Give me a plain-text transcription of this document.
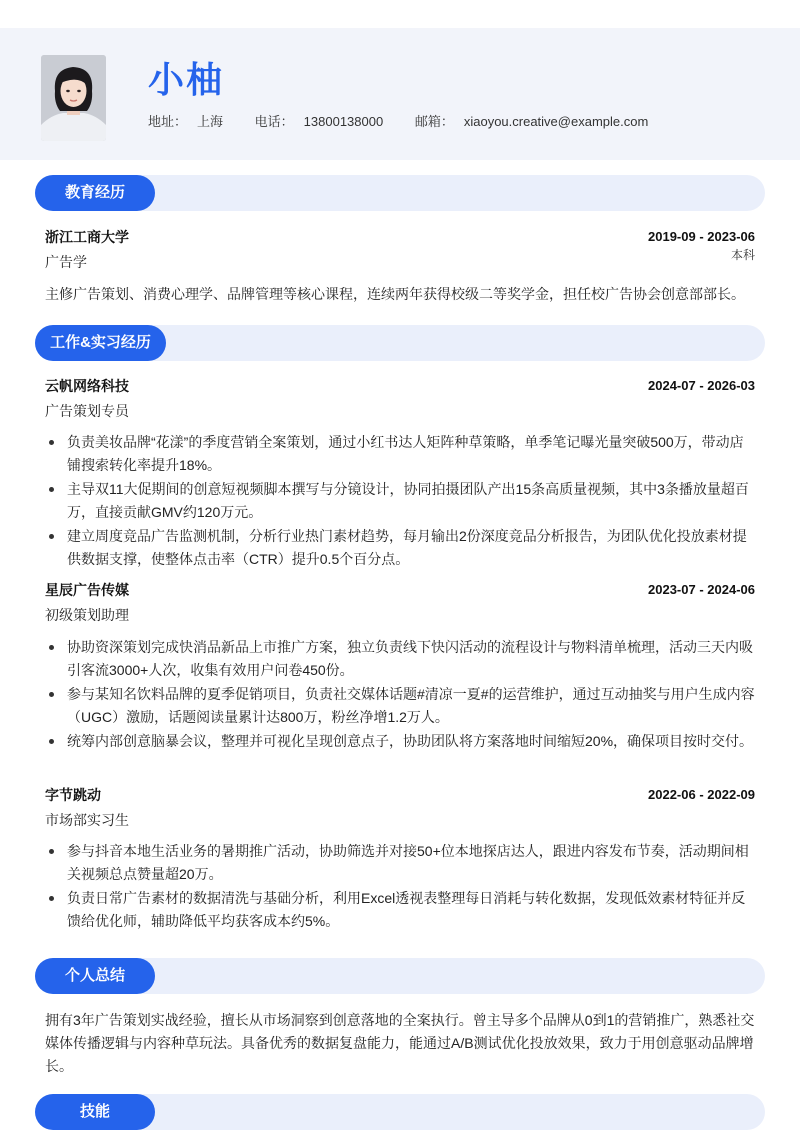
小柚
地址： 上海 电话： 13800138000 邮箱： xiaoyou.creative@example.com
教育经历
浙江工商大学	2019-09 - 2023-06
广告学	本科
主修广告策划、消费心理学、品牌管理等核心课程，连续两年获得校级二等奖学金，担任校广告协会创意部部长。
工作&实习经历
云帆网络科技	2024-07 - 2026-03
广告策划专员
负责美妆品牌“花漾”的季度营销全案策划，通过小红书达人矩阵种草策略，单季笔记曝光量突破500万，带动店铺搜索转化率提升18%。
主导双11大促期间的创意短视频脚本撰写与分镜设计，协同拍摄团队产出15条高质量视频，其中3条播放量超百万，直接贡献GMV约120万元。
建立周度竞品广告监测机制，分析行业热门素材趋势，每月输出2份深度竞品分析报告，为团队优化投放素材提供数据支撑，使整体点击率（CTR）提升0.5个百分点。
星辰广告传媒	2023-07 - 2024-06
初级策划助理
协助资深策划完成快消品新品上市推广方案，独立负责线下快闪活动的流程设计与物料清单梳理，活动三天内吸引客流3000+人次，收集有效用户问卷450份。
参与某知名饮料品牌的夏季促销项目，负责社交媒体话题#清凉一夏#的运营维护，通过互动抽奖与用户生成内容（UGC）激励，话题阅读量累计达800万，粉丝净增1.2万人。
统筹内部创意脑暴会议，整理并可视化呈现创意点子，协助团队将方案落地时间缩短20%，确保项目按时交付。
字节跳动	2022-06 - 2022-09
市场部实习生
参与抖音本地生活业务的暑期推广活动，协助筛选并对接50+位本地探店达人，跟进内容发布节奏，活动期间相关视频总点赞量超20万。
负责日常广告素材的数据清洗与基础分析，利用Excel透视表整理每日消耗与转化数据，发现低效素材特征并反馈给优化师，辅助降低平均获客成本约5%。
个人总结
拥有3年广告策划实战经验，擅长从市场洞察到创意落地的全案执行。曾主导多个品牌从0到1的营销推广，熟悉社交媒体传播逻辑与内容种草玩法。具备优秀的数据复盘能力，能通过A/B测试优化投放效果，致力于用创意驱动品牌增长。
技能
